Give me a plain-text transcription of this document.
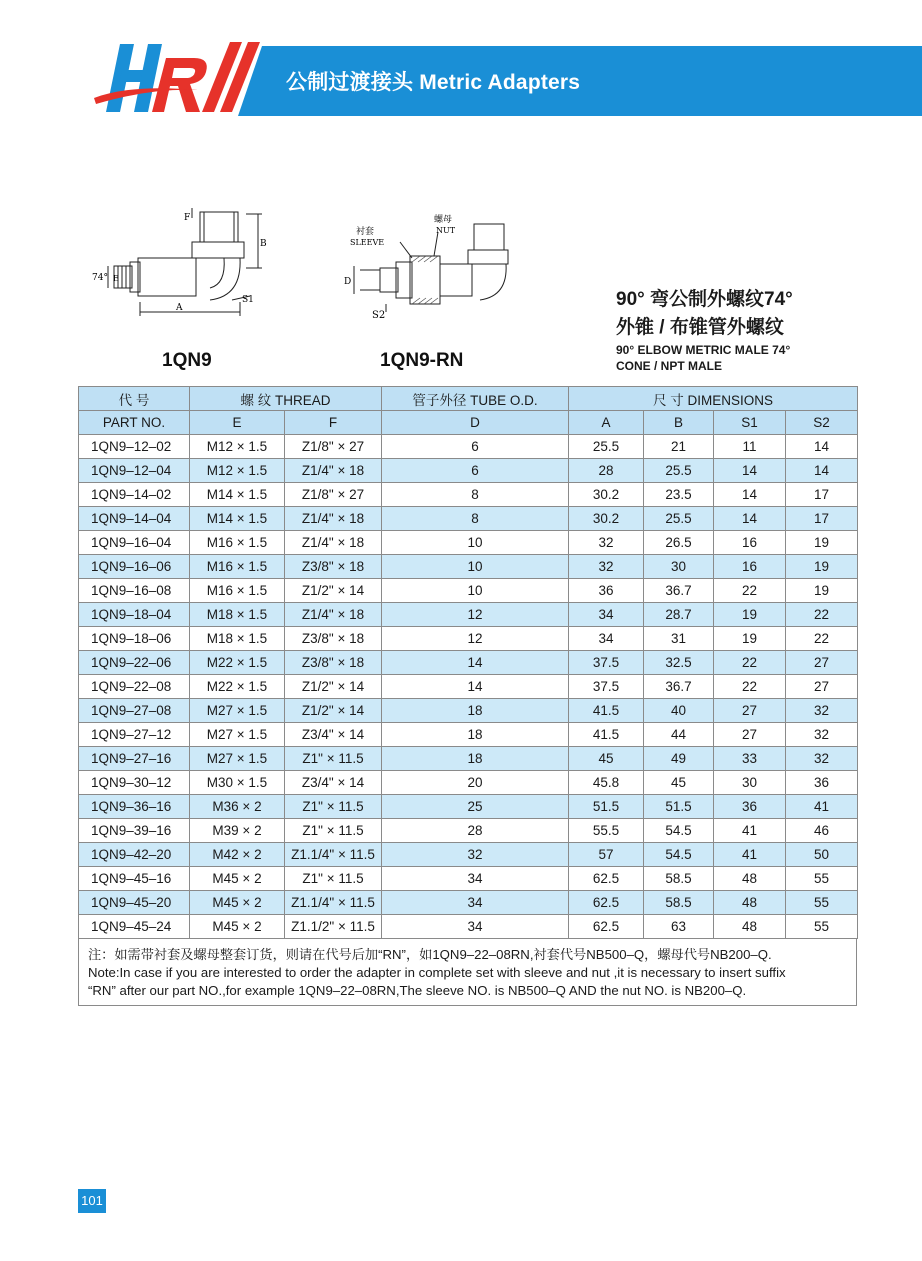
公制过渡接头 Metric Adapters
F
B
74° E
A
S1
1QN9
衬套
SLEEVE
螺母
NUT
D
S2
1QN9-RN
90° 弯公制外螺纹74°
外锥 / 布锥管外螺纹
90° ELBOW METRIC MALE 74°
CONE / NPT MALE
代 号	螺 纹 THREAD		管子外径 TUBE O.D.	尺 寸 DIMENSIONS			
PART NO.	E	F	D	A	B	S1	S2
1QN9–12–02	M12 × 1.5	Z1/8" × 27	6	25.5	21	11	14
1QN9–12–04	M12 × 1.5	Z1/4" × 18	6	28	25.5	14	14
1QN9–14–02	M14 × 1.5	Z1/8" × 27	8	30.2	23.5	14	17
1QN9–14–04	M14 × 1.5	Z1/4" × 18	8	30.2	25.5	14	17
1QN9–16–04	M16 × 1.5	Z1/4" × 18	10	32	26.5	16	19
1QN9–16–06	M16 × 1.5	Z3/8" × 18	10	32	30	16	19
1QN9–16–08	M16 × 1.5	Z1/2" × 14	10	36	36.7	22	19
1QN9–18–04	M18 × 1.5	Z1/4" × 18	12	34	28.7	19	22
1QN9–18–06	M18 × 1.5	Z3/8" × 18	12	34	31	19	22
1QN9–22–06	M22 × 1.5	Z3/8" × 18	14	37.5	32.5	22	27
1QN9–22–08	M22 × 1.5	Z1/2" × 14	14	37.5	36.7	22	27
1QN9–27–08	M27 × 1.5	Z1/2" × 14	18	41.5	40	27	32
1QN9–27–12	M27 × 1.5	Z3/4" × 14	18	41.5	44	27	32
1QN9–27–16	M27 × 1.5	Z1" × 11.5	18	45	49	33	32
1QN9–30–12	M30 × 1.5	Z3/4" × 14	20	45.8	45	30	36
1QN9–36–16	M36 × 2	Z1" × 11.5	25	51.5	51.5	36	41
1QN9–39–16	M39 × 2	Z1" × 11.5	28	55.5	54.5	41	46
1QN9–42–20	M42 × 2	Z1.1/4" × 11.5	32	57	54.5	41	50
1QN9–45–16	M45 × 2	Z1" × 11.5	34	62.5	58.5	48	55
1QN9–45–20	M45 × 2	Z1.1/4" × 11.5	34	62.5	58.5	48	55
1QN9–45–24	M45 × 2	Z1.1/2" × 11.5	34	62.5	63	48	55
注：如需带衬套及螺母整套订货，则请在代号后加“RN”，如1QN9–22–08RN,衬套代号NB500–Q，螺母代号NB200–Q.
Note:In case if you are interested to order the adapter in complete set with sleeve and nut ,it is necessary to insert suffix
“RN” after our part NO.,for example 1QN9–22–08RN,The sleeve NO. is NB500–Q AND the nut NO. is NB200–Q.
101
